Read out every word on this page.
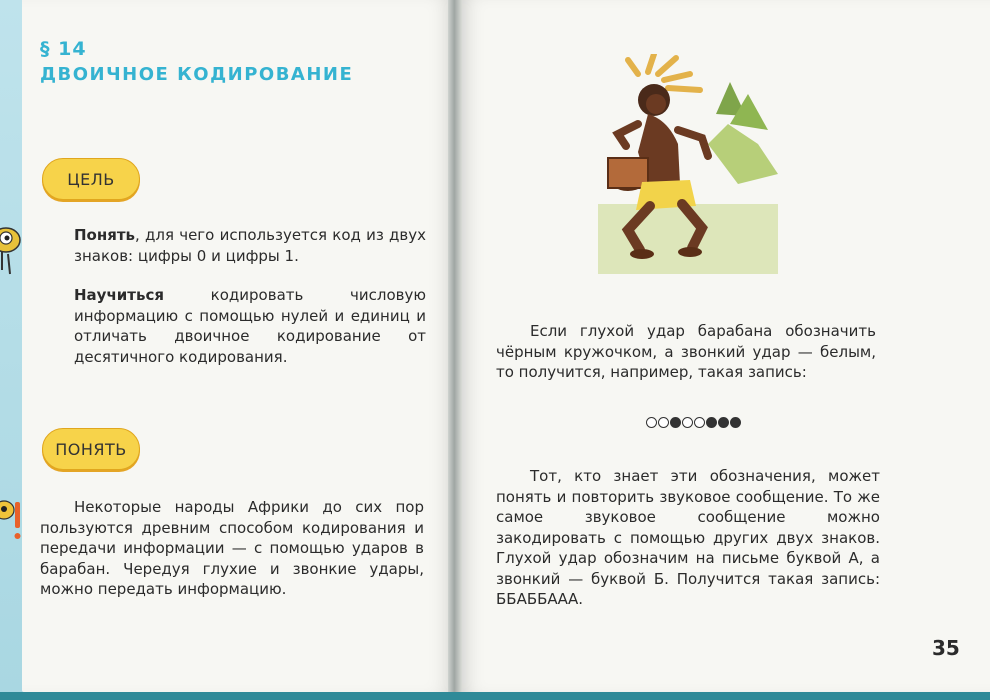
§ 14
ДВОИЧНОЕ КОДИРОВАНИЕ
ЦЕЛЬ
Понять, для чего используется код из двух знаков: цифры 0 и цифры 1.
Научиться кодировать числовую информацию с помощью нулей и единиц и отличать двоичное кодирование от десятичного кодирования.
ПОНЯТЬ
Некоторые народы Африки до сих пор пользуются древним способом кодирования и передачи информации — с помощью ударов в барабан. Чередуя глухие и звонкие удары, можно передать информацию.
Если глухой удар барабана обозначить чёрным кружочком, а звонкий удар — белым, то получится, например, такая запись:
Тот, кто знает эти обозначения, может понять и повторить звуковое сообщение. То же самое звуковое сообщение можно закодировать с помощью других двух знаков. Глухой удар обозначим на письме буквой А, а звонкий — буквой Б. Получится такая запись: ББАББААА.
35
